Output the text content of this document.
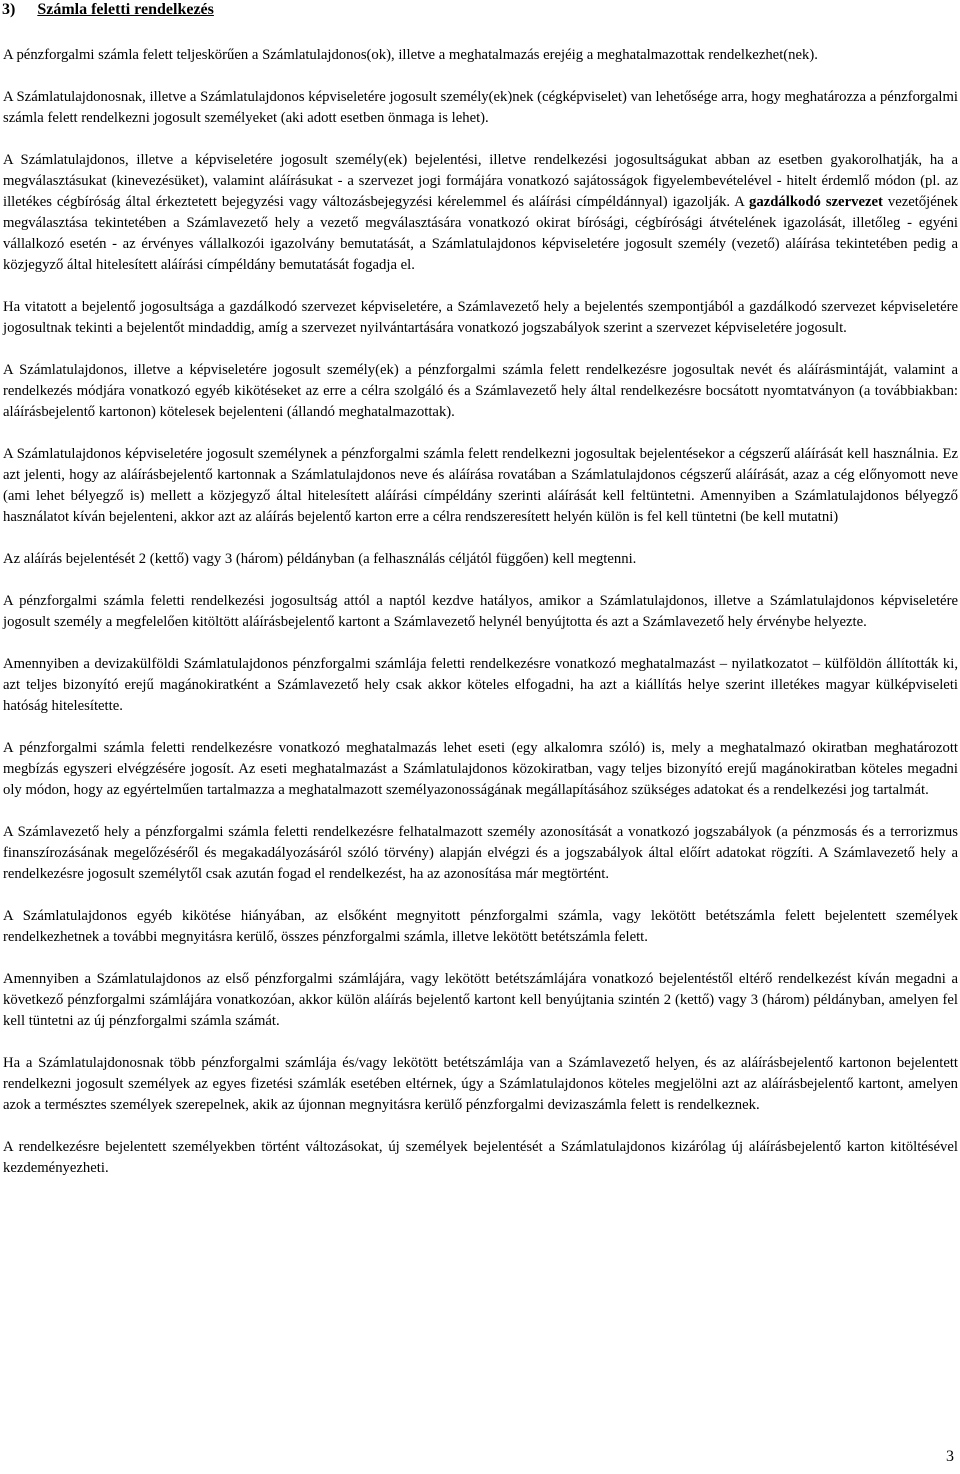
3) Számla feletti rendelkezés

A pénzforgalmi számla felett teljeskörűen a Számlatulajdonos(ok), illetve a meghatalmazás erejéig a meghatalmazottak rendelkezhet(nek).

A Számlatulajdonosnak, illetve a Számlatulajdonos képviseletére jogosult személy(ek)nek (cégképviselet) van lehetősége arra, hogy meghatározza a pénzforgalmi számla felett rendelkezni jogosult személyeket (aki adott esetben önmaga is lehet).

A Számlatulajdonos, illetve a képviseletére jogosult személy(ek) bejelentési, illetve rendelkezési jogosultságukat abban az esetben gyakorolhatják, ha a megválasztásukat (kinevezésüket), valamint aláírásukat - a szervezet jogi formájára vonatkozó sajátosságok figyelembevételével - hitelt érdemlő módon (pl. az illetékes cégbíróság által érkeztetett bejegyzési vagy változásbejegyzési kérelemmel és aláírási címpéldánnyal) igazolják. A gazdálkodó szervezet vezetőjének megválasztása tekintetében a Számlavezető hely a vezető megválasztására vonatkozó okirat bírósági, cégbírósági átvételének igazolását, illetőleg - egyéni vállalkozó esetén - az érvényes vállalkozói igazolvány bemutatását, a Számlatulajdonos képviseletére jogosult személy (vezető) aláírása tekintetében pedig a közjegyző által hitelesített aláírási címpéldány bemutatását fogadja el.

Ha vitatott a bejelentő jogosultsága a gazdálkodó szervezet képviseletére, a Számlavezető hely a bejelentés szempontjából a gazdálkodó szervezet képviseletére jogosultnak tekinti a bejelentőt mindaddig, amíg a szervezet nyilvántartására vonatkozó jogszabályok szerint a szervezet képviseletére jogosult.

A Számlatulajdonos, illetve a képviseletére jogosult személy(ek) a pénzforgalmi számla felett rendelkezésre jogosultak nevét és aláírásmintáját, valamint a rendelkezés módjára vonatkozó egyéb kikötéseket az erre a célra szolgáló és a Számlavezető hely által rendelkezésre bocsátott nyomtatványon (a továbbiakban: aláírásbejelentő kartonon) kötelesek bejelenteni (állandó meghatalmazottak).

A Számlatulajdonos képviseletére jogosult személynek a pénzforgalmi számla felett rendelkezni jogosultak bejelentésekor a cégszerű aláírását kell használnia. Ez azt jelenti, hogy az aláírásbejelentő kartonnak a Számlatulajdonos neve és aláírása rovatában a Számlatulajdonos cégszerű aláírását, azaz a cég előnyomott neve (ami lehet bélyegző is) mellett a közjegyző által hitelesített aláírási címpéldány szerinti aláírását kell feltüntetni. Amennyiben a Számlatulajdonos bélyegző használatot kíván bejelenteni, akkor azt az aláírás bejelentő karton erre a célra rendszeresített helyén külön is fel kell tüntetni (be kell mutatni)

Az aláírás bejelentését 2 (kettő) vagy 3 (három) példányban (a felhasználás céljától függően) kell megtenni.

A pénzforgalmi számla feletti rendelkezési jogosultság attól a naptól kezdve hatályos, amikor a Számlatulajdonos, illetve a Számlatulajdonos képviseletére jogosult személy a megfelelően kitöltött aláírásbejelentő kartont a Számlavezető helynél benyújtotta és azt a Számlavezető hely érvénybe helyezte.

Amennyiben a devizakülföldi Számlatulajdonos pénzforgalmi számlája feletti rendelkezésre vonatkozó meghatalmazást – nyilatkozatot – külföldön állították ki, azt teljes bizonyító erejű magánokiratként a Számlavezető hely csak akkor köteles elfogadni, ha azt a kiállítás helye szerint illetékes magyar külképviseleti hatóság hitelesítette.

A pénzforgalmi számla feletti rendelkezésre vonatkozó meghatalmazás lehet eseti (egy alkalomra szóló) is, mely a meghatalmazó okiratban meghatározott megbízás egyszeri elvégzésére jogosít. Az eseti meghatalmazást a Számlatulajdonos közokiratban, vagy teljes bizonyító erejű magánokiratban köteles megadni oly módon, hogy az egyértelműen tartalmazza a meghatalmazott személyazonosságának megállapításához szükséges adatokat és a rendelkezési jog tartalmát.

A Számlavezető hely a pénzforgalmi számla feletti rendelkezésre felhatalmazott személy azonosítását a vonatkozó jogszabályok (a pénzmosás és a terrorizmus finanszírozásának megelőzéséről és megakadályozásáról szóló törvény) alapján elvégzi és a jogszabályok által előírt adatokat rögzíti. A Számlavezető hely a rendelkezésre jogosult személytől csak azután fogad el rendelkezést, ha az azonosítása már megtörtént.

A Számlatulajdonos egyéb kikötése hiányában, az elsőként megnyitott pénzforgalmi számla, vagy lekötött betétszámla felett bejelentett személyek rendelkezhetnek a további megnyitásra kerülő, összes pénzforgalmi számla, illetve lekötött betétszámla felett.

Amennyiben a Számlatulajdonos az első pénzforgalmi számlájára, vagy lekötött betétszámlájára vonatkozó bejelentéstől eltérő rendelkezést kíván megadni a következő pénzforgalmi számlájára vonatkozóan, akkor külön aláírás bejelentő kartont kell benyújtania szintén 2 (kettő) vagy 3 (három) példányban, amelyen fel kell tüntetni az új pénzforgalmi számla számát.

Ha a Számlatulajdonosnak több pénzforgalmi számlája és/vagy lekötött betétszámlája van a Számlavezető helyen, és az aláírásbejelentő kartonon bejelentett rendelkezni jogosult személyek az egyes fizetési számlák esetében eltérnek, úgy a Számlatulajdonos köteles megjelölni azt az aláírásbejelentő kartont, amelyen azok a természtes személyek szerepelnek, akik az újonnan megnyitásra kerülő pénzforgalmi devizaszámla felett is rendelkeznek.

A rendelkezésre bejelentett személyekben történt változásokat, új személyek bejelentését a Számlatulajdonos kizárólag új aláírásbejelentő karton kitöltésével kezdeményezheti.

3
